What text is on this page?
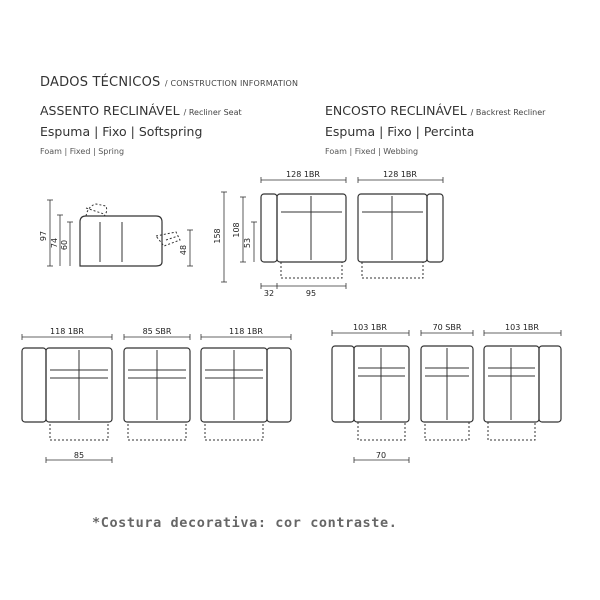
DADOS TÉCNICOS / CONSTRUCTION INFORMATION
ASSENTO RECLINÁVEL / Recliner Seat
Espuma | Fixo | Softspring
Foam | Fixed | Spring
ENCOSTO RECLINÁVEL / Backrest Recliner
Espuma | Fixo | Percinta
Foam | Fixed | Webbing
97
74 60	48
158 108
53
128 1BR	128 1BR
32	95
118 1BR	85 SBR	118 1BR
85
103 1BR	70 SBR	103 1BR
70
*Costura decorativa: cor contraste.
